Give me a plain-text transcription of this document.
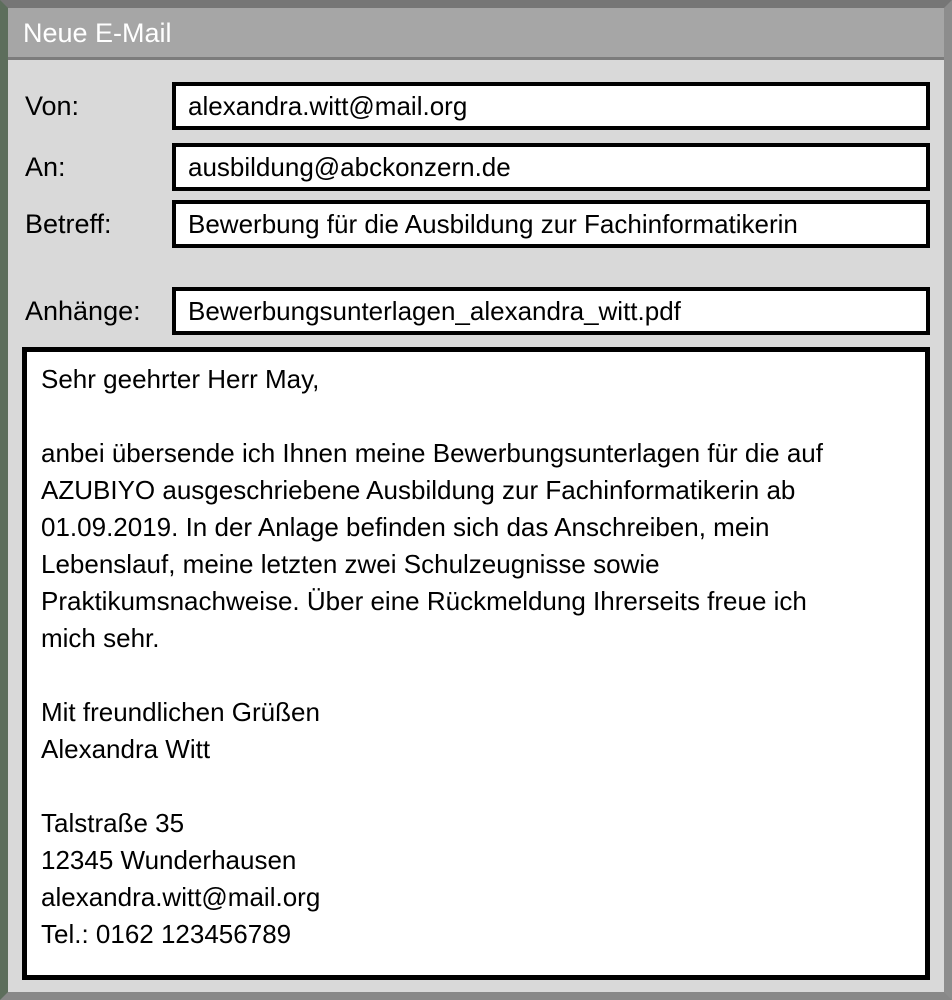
Neue E-Mail
Von:
alexandra.witt@mail.org
An:
ausbildung@abckonzern.de
Betreff:
Bewerbung für die Ausbildung zur Fachinformatikerin
Anhänge:
Bewerbungsunterlagen_alexandra_witt.pdf
Sehr geehrter Herr May,
anbei übersende ich Ihnen meine Bewerbungsunterlagen für die auf
AZUBIYO ausgeschriebene Ausbildung zur Fachinformatikerin ab
01.09.2019. In der Anlage befinden sich das Anschreiben, mein
Lebenslauf, meine letzten zwei Schulzeugnisse sowie
Praktikumsnachweise. Über eine Rückmeldung Ihrerseits freue ich
mich sehr.
Mit freundlichen Grüßen
Alexandra Witt
Talstraße 35
12345 Wunderhausen
alexandra.witt@mail.org
Tel.: 0162 123456789
